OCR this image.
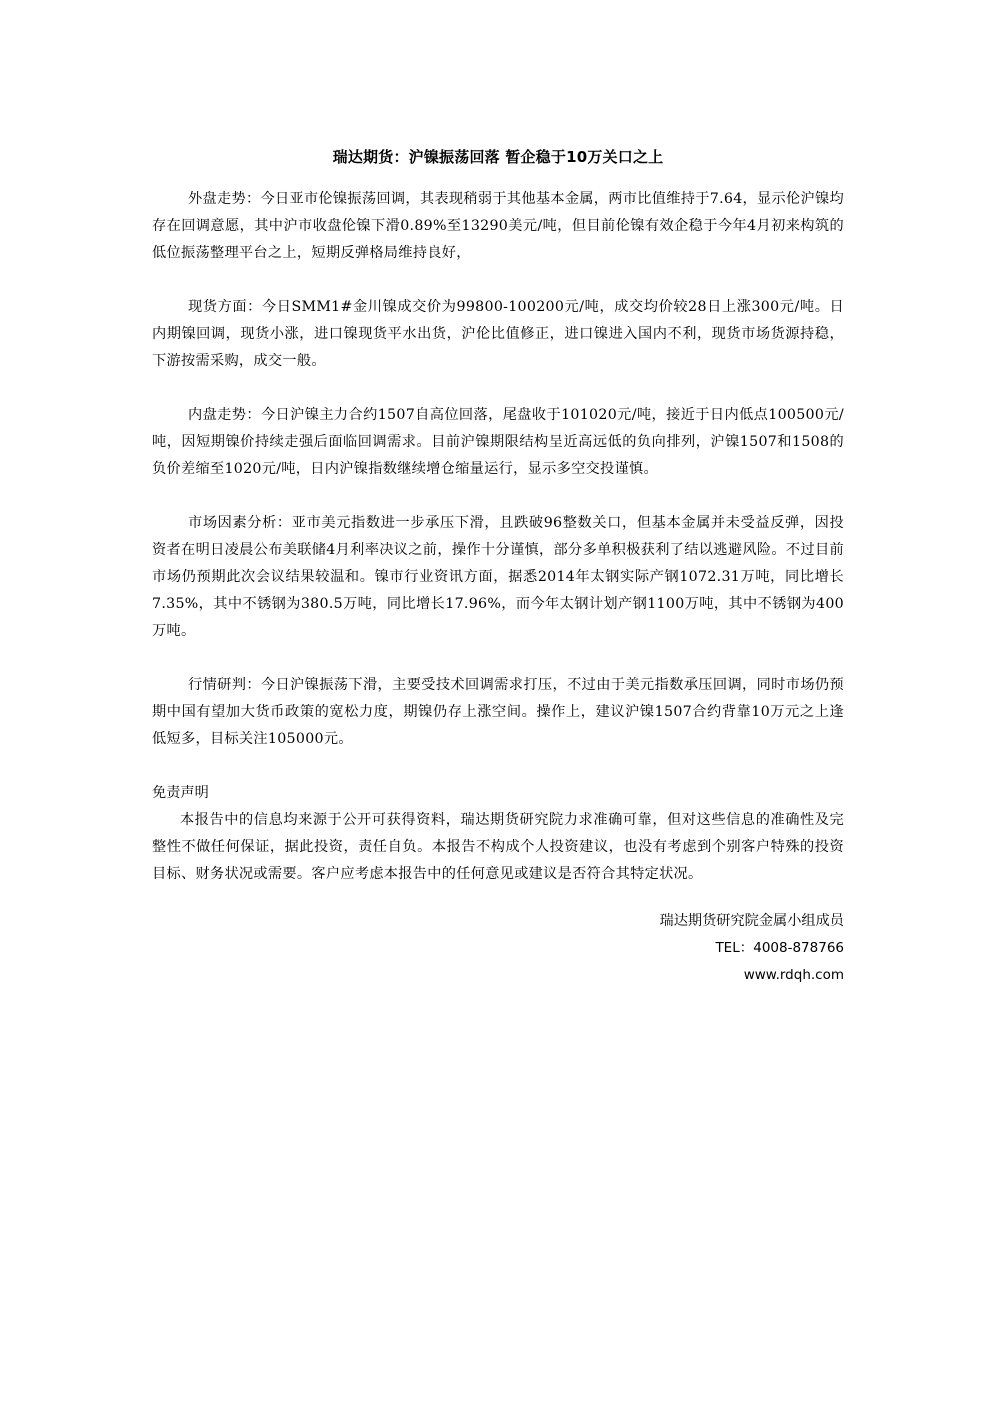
瑞达期货：沪镍振荡回落 暂企稳于10万关口之上

外盘走势：今日亚市伦镍振荡回调，其表现稍弱于其他基本金属，两市比值维持于7.64，显示伦沪镍均存在回调意愿，其中沪市收盘伦镍下滑0.89%至13290美元/吨，但目前伦镍有效企稳于今年4月初来构筑的低位振荡整理平台之上，短期反弹格局维持良好，

现货方面：今日SMM1#金川镍成交价为99800-100200元/吨，成交均价较28日上涨300元/吨。日内期镍回调，现货小涨，进口镍现货平水出货，沪伦比值修正，进口镍进入国内不利，现货市场货源持稳，下游按需采购，成交一般。

内盘走势：今日沪镍主力合约1507自高位回落，尾盘收于101020元/吨，接近于日内低点100500元/吨，因短期镍价持续走强后面临回调需求。目前沪镍期限结构呈近高远低的负向排列，沪镍1507和1508的负价差缩至1020元/吨，日内沪镍指数继续增仓缩量运行，显示多空交投谨慎。

市场因素分析：亚市美元指数进一步承压下滑，且跌破96整数关口，但基本金属并未受益反弹，因投资者在明日凌晨公布美联储4月利率决议之前，操作十分谨慎，部分多单积极获利了结以逃避风险。不过目前市场仍预期此次会议结果较温和。镍市行业资讯方面，据悉2014年太钢实际产钢1072.31万吨，同比增长7.35%，其中不锈钢为380.5万吨，同比增长17.96%，而今年太钢计划产钢1100万吨，其中不锈钢为400万吨。

行情研判：今日沪镍振荡下滑，主要受技术回调需求打压，不过由于美元指数承压回调，同时市场仍预期中国有望加大货币政策的宽松力度，期镍仍存上涨空间。操作上，建议沪镍1507合约背靠10万元之上逢低短多，目标关注105000元。

免责声明

本报告中的信息均来源于公开可获得资料，瑞达期货研究院力求准确可靠，但对这些信息的准确性及完整性不做任何保证，据此投资，责任自负。本报告不构成个人投资建议，也没有考虑到个别客户特殊的投资目标、财务状况或需要。客户应考虑本报告中的任何意见或建议是否符合其特定状况。

瑞达期货研究院金属小组成员

TEL：4008-878766

www.rdqh.com
